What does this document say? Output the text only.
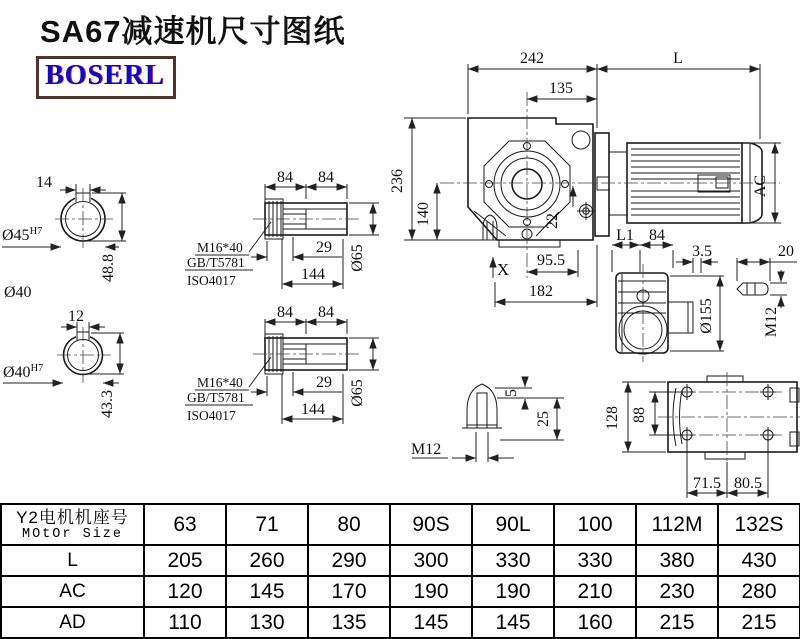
SA67减速机尺寸图纸
BOSERL
242	L
135
236
140	22
AC
95.5
182
X
14
$Ø45^{H7}$
48.8
Ø40
12
$Ø40^{H7}$
43.3
84 84
29
144
Ø65
M16*40
GB/T5781
ISO4017
L1 84
3.5
Ø155
20
M12
M12
5
25	128 88
71.5 80.5
Y2电机机座号
MOtOr Size	63	71	80	90S	90L	100	112M	132S
L	205	260	290	300	330	330	380	430
AC	120	145	170	190	190	210	230	280
AD	110	130	135	145	145	160	215	215
